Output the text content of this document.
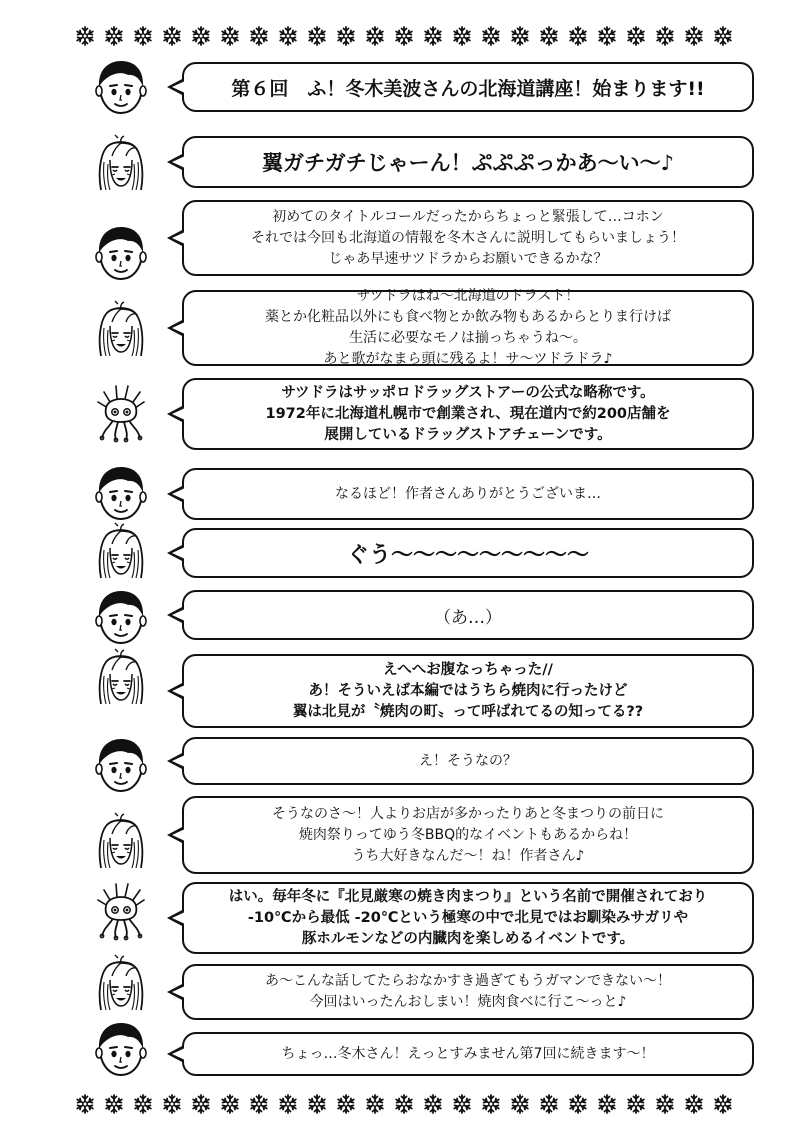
第６回　ふ！冬木美波さんの北海道講座！始まります!!
翼ガチガチじゃーん！ぷぷぷっかあ〜い〜♪
初めてのタイトルコールだったからちょっと緊張して…コホン
それでは今回も北海道の情報を冬木さんに説明してもらいましょう！
じゃあ早速サツドラからお願いできるかな？
サツドラはね〜北海道のドラスト！
薬とか化粧品以外にも食べ物とか飲み物もあるからとりま行けば
生活に必要なモノは揃っちゃうね〜。
あと歌がなまら頭に残るよ！サ〜ツドラドラ♪
サツドラはサッポロドラッグストアーの公式な略称です。
1972年に北海道札幌市で創業され、現在道内で約200店舗を
展開しているドラッグストアチェーンです。
なるほど！作者さんありがとうございま…
ぐう〜〜〜〜〜〜〜〜〜
（あ…）
えへへお腹なっちゃった//
あ！そういえば本編ではうちら焼肉に行ったけど
翼は北見が〝焼肉の町〟って呼ばれてるの知ってる??
え！そうなの？
そうなのさ〜！人よりお店が多かったりあと冬まつりの前日に
焼肉祭りってゆう冬BBQ的なイベントもあるからね！
うち大好きなんだ〜！ね！作者さん♪
はい。毎年冬に『北見厳寒の焼き肉まつり』という名前で開催されており
-10℃から最低 -20℃という極寒の中で北見ではお馴染みサガリや
豚ホルモンなどの内臓肉を楽しめるイベントです。
あ〜こんな話してたらおなかすき過ぎてもうガマンできない〜！
今回はいったんおしまい！焼肉食べに行こ〜っと♪
ちょっ…冬木さん！えっとすみません第7回に続きます〜！
